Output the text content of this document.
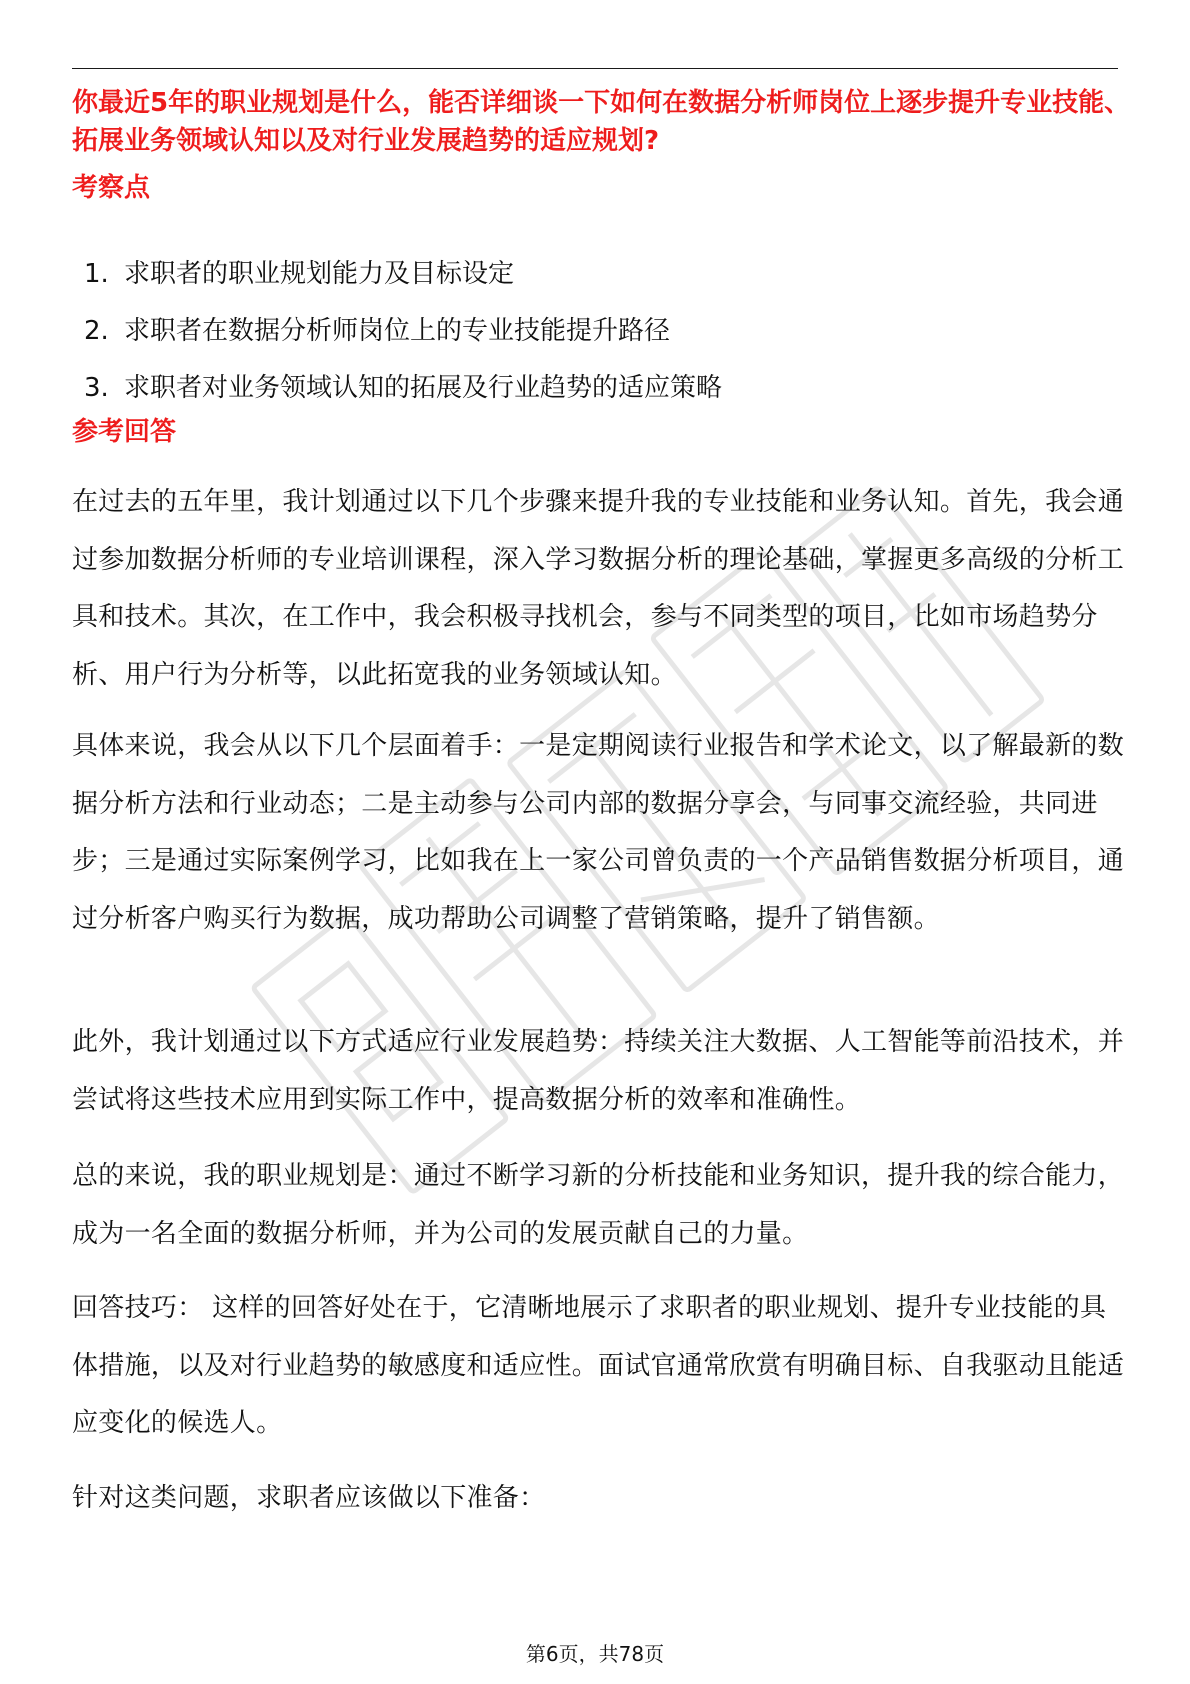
你最近5年的职业规划是什么，能否详细谈一下如何在数据分析师岗位上逐步提升专业技能、拓展业务领域认知以及对行业发展趋势的适应规划?

考察点
1. 求职者的职业规划能力及目标设定
2. 求职者在数据分析师岗位上的专业技能提升路径
3. 求职者对业务领域认知的拓展及行业趋势的适应策略
参考回答

在过去的五年里，我计划通过以下几个步骤来提升我的专业技能和业务认知。首先，我会通过参加数据分析师的专业培训课程，深入学习数据分析的理论基础，掌握更多高级的分析工具和技术。其次，在工作中，我会积极寻找机会，参与不同类型的项目，比如市场趋势分析、用户行为分析等，以此拓宽我的业务领域认知。

具体来说，我会从以下几个层面着手：一是定期阅读行业报告和学术论文，以了解最新的数据分析方法和行业动态；二是主动参与公司内部的数据分享会，与同事交流经验，共同进步；三是通过实际案例学习，比如我在上一家公司曾负责的一个产品销售数据分析项目，通过分析客户购买行为数据，成功帮助公司调整了营销策略，提升了销售额。

此外，我计划通过以下方式适应行业发展趋势：持续关注大数据、人工智能等前沿技术，并尝试将这些技术应用到实际工作中，提高数据分析的效率和准确性。

总的来说，我的职业规划是：通过不断学习新的分析技能和业务知识，提升我的综合能力，成为一名全面的数据分析师，并为公司的发展贡献自己的力量。

回答技巧： 这样的回答好处在于，它清晰地展示了求职者的职业规划、提升专业技能的具体措施，以及对行业趋势的敏感度和适应性。面试官通常欣赏有明确目标、自我驱动且能适应变化的候选人。

针对这类问题，求职者应该做以下准备：

第6页，共78页
